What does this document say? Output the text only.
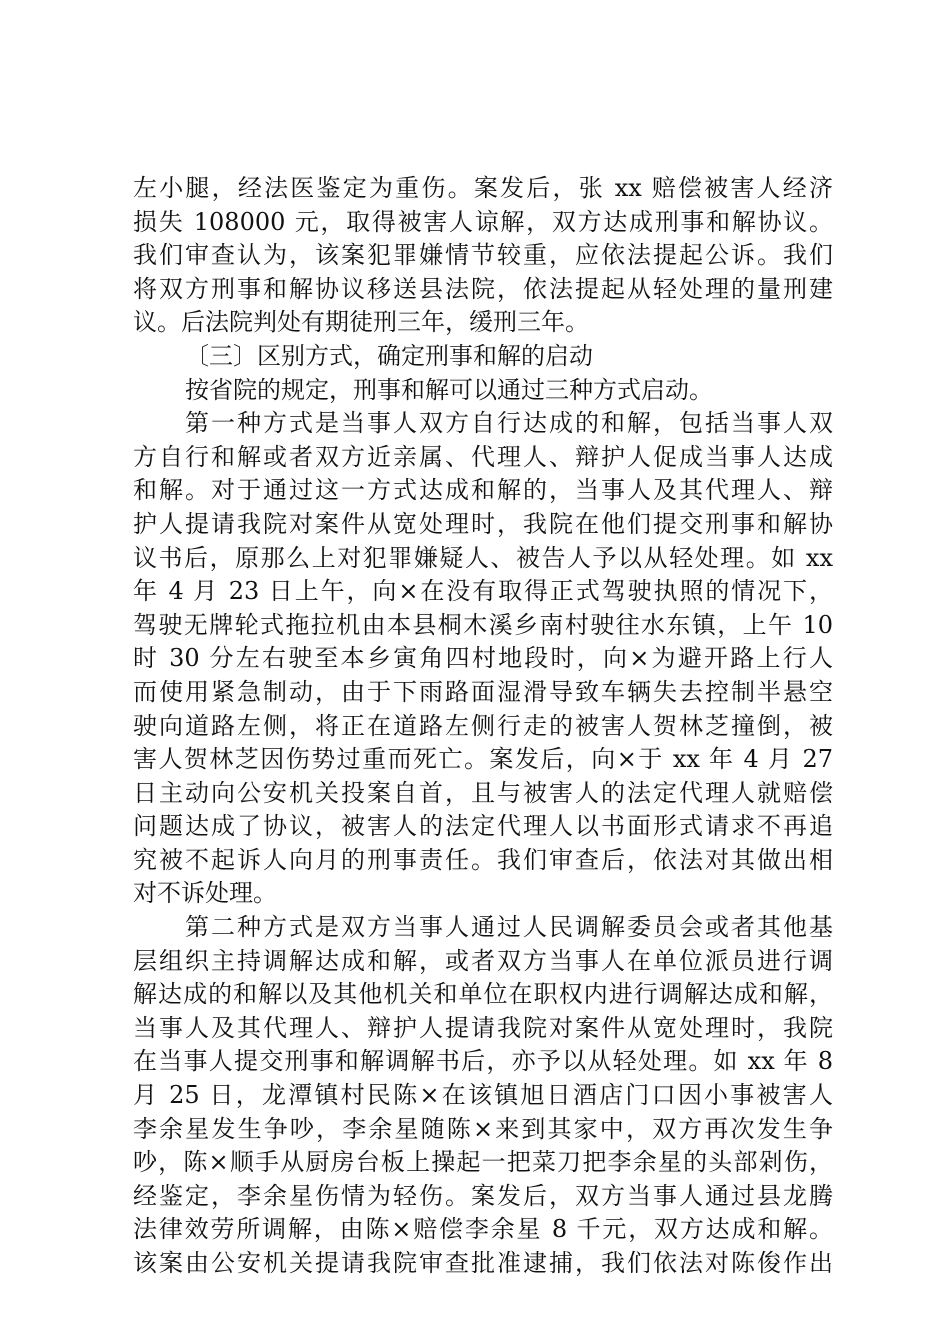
左小腿，经法医鉴定为重伤。案发后，张 xx 赔偿被害人经济
损失 108000 元，取得被害人谅解，双方达成刑事和解协议。
我们审查认为，该案犯罪嫌情节较重，应依法提起公诉。我们
将双方刑事和解协议移送县法院，依法提起从轻处理的量刑建
议。后法院判处有期徒刑三年，缓刑三年。
〔三〕区别方式，确定刑事和解的启动
按省院的规定，刑事和解可以通过三种方式启动。
第一种方式是当事人双方自行达成的和解，包括当事人双
方自行和解或者双方近亲属、代理人、辩护人促成当事人达成
和解。对于通过这一方式达成和解的，当事人及其代理人、辩
护人提请我院对案件从宽处理时，我院在他们提交刑事和解协
议书后，原那么上对犯罪嫌疑人、被告人予以从轻处理。如 xx
年 4 月 23 日上午，向×在没有取得正式驾驶执照的情况下，
驾驶无牌轮式拖拉机由本县桐木溪乡南村驶往水东镇，上午 10
时 30 分左右驶至本乡寅角四村地段时，向×为避开路上行人
而使用紧急制动，由于下雨路面湿滑导致车辆失去控制半悬空
驶向道路左侧，将正在道路左侧行走的被害人贺林芝撞倒，被
害人贺林芝因伤势过重而死亡。案发后，向×于 xx 年 4 月 27
日主动向公安机关投案自首，且与被害人的法定代理人就赔偿
问题达成了协议，被害人的法定代理人以书面形式请求不再追
究被不起诉人向月的刑事责任。我们审查后，依法对其做出相
对不诉处理。
第二种方式是双方当事人通过人民调解委员会或者其他基
层组织主持调解达成和解，或者双方当事人在单位派员进行调
解达成的和解以及其他机关和单位在职权内进行调解达成和解，
当事人及其代理人、辩护人提请我院对案件从宽处理时，我院
在当事人提交刑事和解调解书后，亦予以从轻处理。如 xx 年 8
月 25 日，龙潭镇村民陈×在该镇旭日酒店门口因小事被害人
李余星发生争吵，李余星随陈×来到其家中，双方再次发生争
吵，陈×顺手从厨房台板上操起一把菜刀把李余星的头部剁伤，
经鉴定，李余星伤情为轻伤。案发后，双方当事人通过县龙腾
法律效劳所调解，由陈×赔偿李余星 8 千元，双方达成和解。
该案由公安机关提请我院审查批准逮捕，我们依法对陈俊作出
